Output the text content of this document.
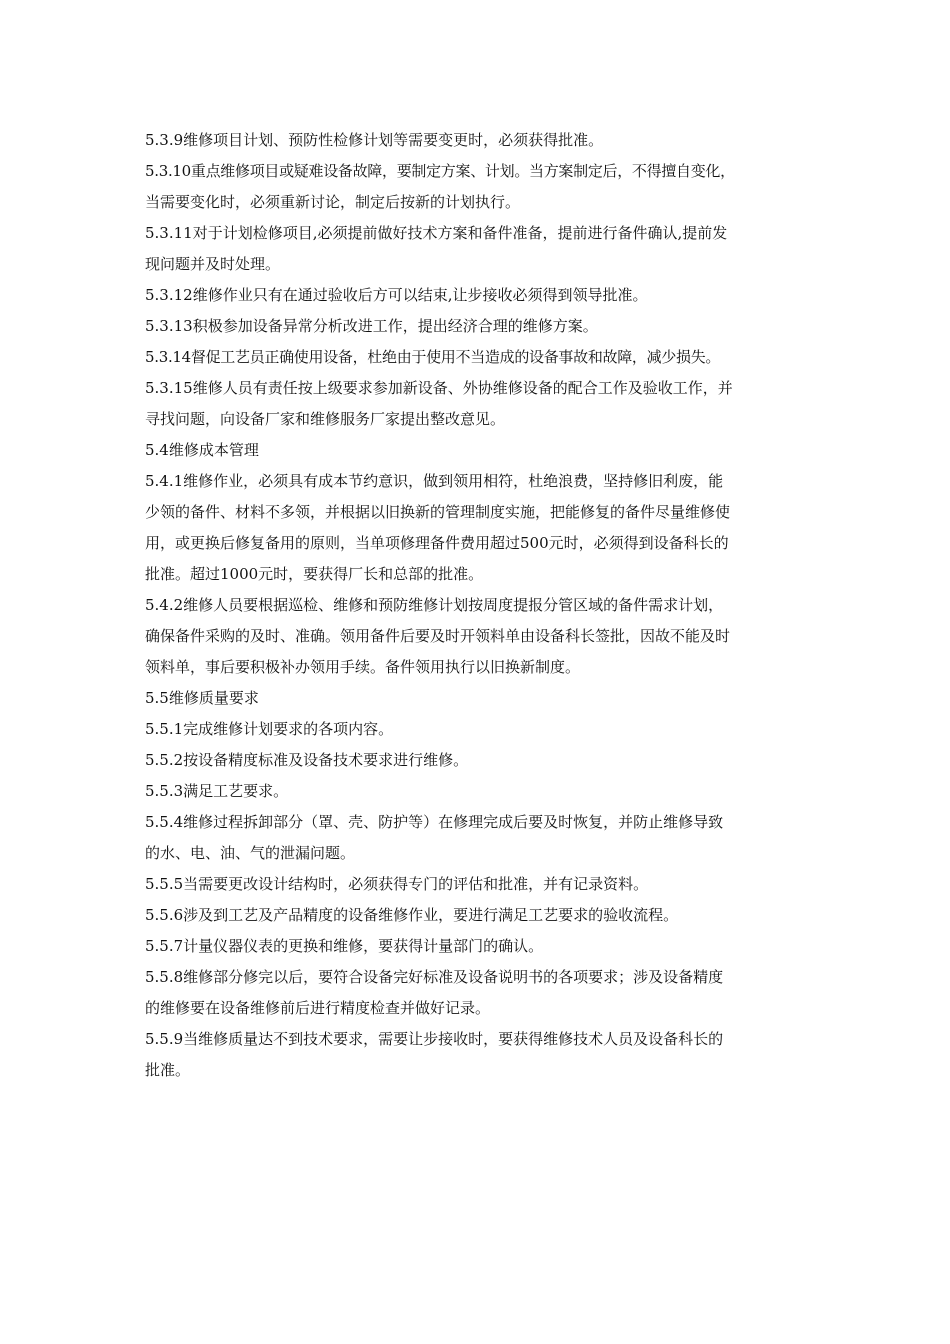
5.3.9维修项目计划、预防性检修计划等需要变更时，必须获得批准。
5.3.10重点维修项目或疑难设备故障，要制定方案、计划。当方案制定后，不得擅自变化，
当需要变化时，必须重新讨论，制定后按新的计划执行。
5.3.11对于计划检修项目,必须提前做好技术方案和备件准备，提前进行备件确认,提前发
现问题并及时处理。
5.3.12维修作业只有在通过验收后方可以结束,让步接收必须得到领导批准。
5.3.13积极参加设备异常分析改进工作，提出经济合理的维修方案。
5.3.14督促工艺员正确使用设备，杜绝由于使用不当造成的设备事故和故障，减少损失。
5.3.15维修人员有责任按上级要求参加新设备、外协维修设备的配合工作及验收工作，并
寻找问题，向设备厂家和维修服务厂家提出整改意见。
5.4维修成本管理
5.4.1维修作业，必须具有成本节约意识，做到领用相符，杜绝浪费，坚持修旧利废，能
少领的备件、材料不多领，并根据以旧换新的管理制度实施，把能修复的备件尽量维修使
用，或更换后修复备用的原则，当单项修理备件费用超过500元时，必须得到设备科长的
批准。超过1000元时，要获得厂长和总部的批准。
5.4.2维修人员要根据巡检、维修和预防维修计划按周度提报分管区域的备件需求计划，
确保备件采购的及时、准确。领用备件后要及时开领料单由设备科长签批，因故不能及时
领料单，事后要积极补办领用手续。备件领用执行以旧换新制度。
5.5维修质量要求
5.5.1完成维修计划要求的各项内容。
5.5.2按设备精度标准及设备技术要求进行维修。
5.5.3满足工艺要求。
5.5.4维修过程拆卸部分（罩、壳、防护等）在修理完成后要及时恢复，并防止维修导致
的水、电、油、气的泄漏问题。
5.5.5当需要更改设计结构时，必须获得专门的评估和批准，并有记录资料。
5.5.6涉及到工艺及产品精度的设备维修作业，要进行满足工艺要求的验收流程。
5.5.7计量仪器仪表的更换和维修，要获得计量部门的确认。
5.5.8维修部分修完以后，要符合设备完好标准及设备说明书的各项要求；涉及设备精度
的维修要在设备维修前后进行精度检查并做好记录。
5.5.9当维修质量达不到技术要求，需要让步接收时，要获得维修技术人员及设备科长的
批准。
